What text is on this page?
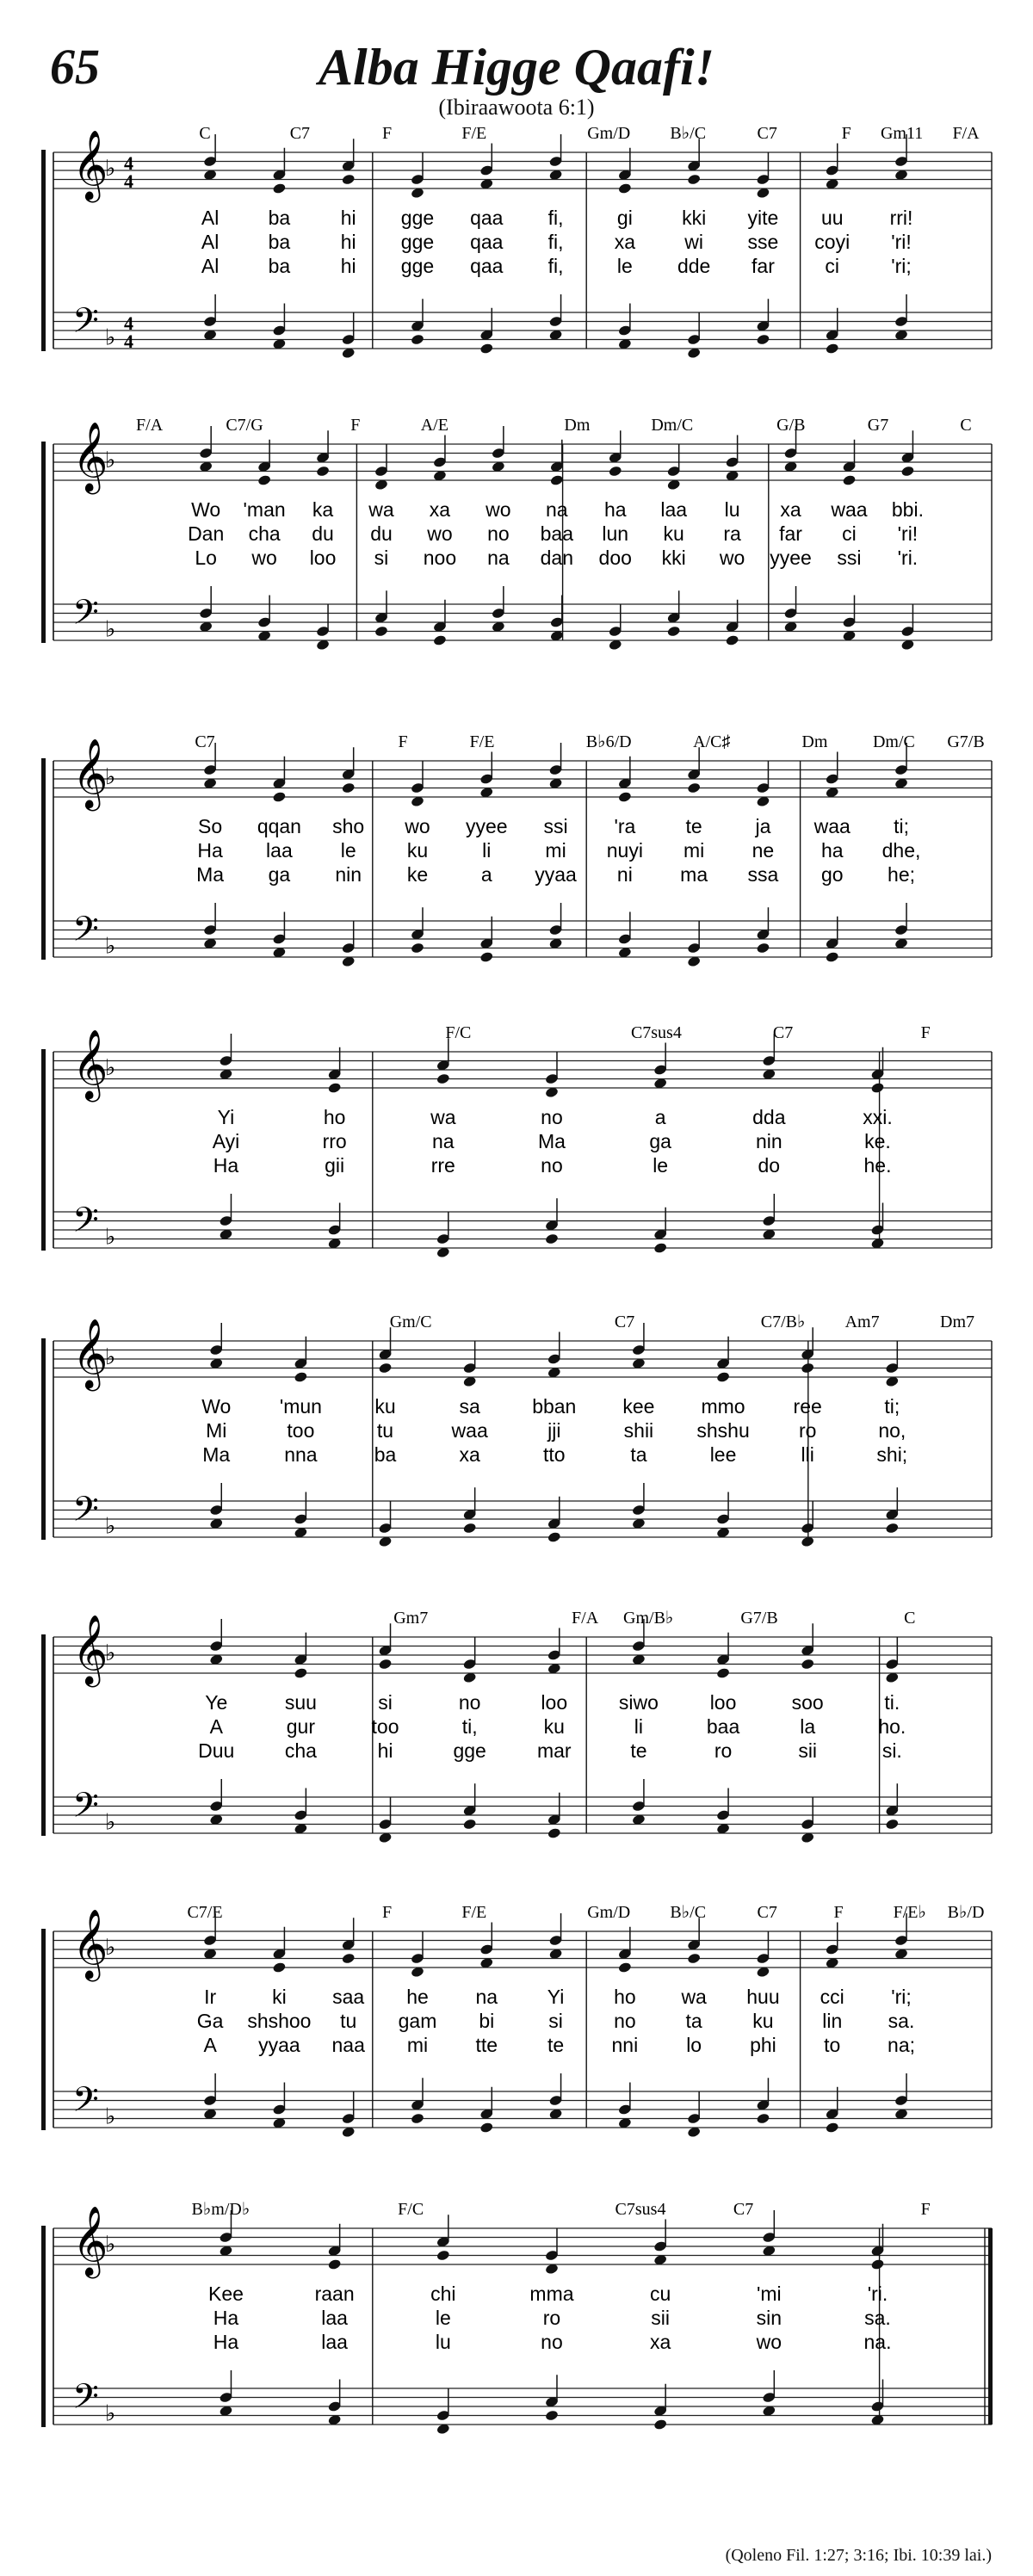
65	Alba Higge Qaafi!
(Ibiraawoota 6:1)
𝄞
𝄢
♭
♭
4
4
4
4
C	C7	F	F/E	Gm/D B♭/C	C7	F Gm11 F/A
Al ba	hi gge qaa fi,	gi kki yite uu rri!
Al ba	hi gge qaa fi,	xa wi sse coyi 'ri!
Al ba	hi gge qaa fi,	le dde far	ci	'ri;
𝄞
𝄢
♭
♭
F/A	C7/G	F	A/E	Dm	Dm/C	G/B	G7	C
Wo 'man ka wa xa wo na ha laa lu xa waa bbi.
Dan cha du du wo no baa lun ku ra far ci 'ri!
Lo wo loo si noo na dan doo kki wo yyee ssi 'ri.
𝄞
𝄢
♭
♭
C7	F	F/E	B♭6/D	A/C♯	Dm	Dm/C G7/B
So qqan sho wo yyee ssi 'ra	te	ja waa ti;
Ha laa le	ku	li	mi nuyi mi ne ha dhe,
Ma ga nin ke	a yyaa ni ma ssa go he;
𝄞
𝄢
♭
♭
F/C	C7sus4	C7	F
Yi	ho	wa	no	a	dda	xxi.
Ayi	rro	na	Ma	ga	nin	ke.
Ha	gii	rre	no	le	do	he.
𝄞
𝄢
♭
♭
Gm/C	C7	C7/B♭ Am7	Dm7
Wo 'mun	ku	sa	bban kee mmo ree	ti;
Mi	too	tu	waa	jji	shii shshu ro	no,
Ma	nna	ba	xa	tto	ta	lee	lli	shi;
𝄞
𝄢
♭
♭
Gm7	F/A Gm/B♭	G7/B	C
Ye	suu	si	no	loo	siwo	loo	soo	ti.
A	gur	too	ti,	ku	li	baa	la	ho.
Duu	cha	hi	gge	mar	te	ro	sii	si.
𝄞
𝄢
♭
♭
C7/E	F	F/E	Gm/D B♭/C	C7	F	F/E♭ B♭/D
Ir	ki saa he na	Yi	ho wa huu cci 'ri;
Ga shshoo tu gam bi	si	no	ta	ku lin sa.
A yyaa naa mi tte	te nni lo phi to na;
𝄞
𝄢
♭
♭
B♭m/D♭	F/C	C7sus4	C7	F
Kee	raan	chi	mma	cu	'mi	'ri.
Ha	laa	le	ro	sii	sin	sa.
Ha	laa	lu	no	xa	wo	na.
(Qoleno Fil. 1:27; 3:16; Ibi. 10:39 lai.)
